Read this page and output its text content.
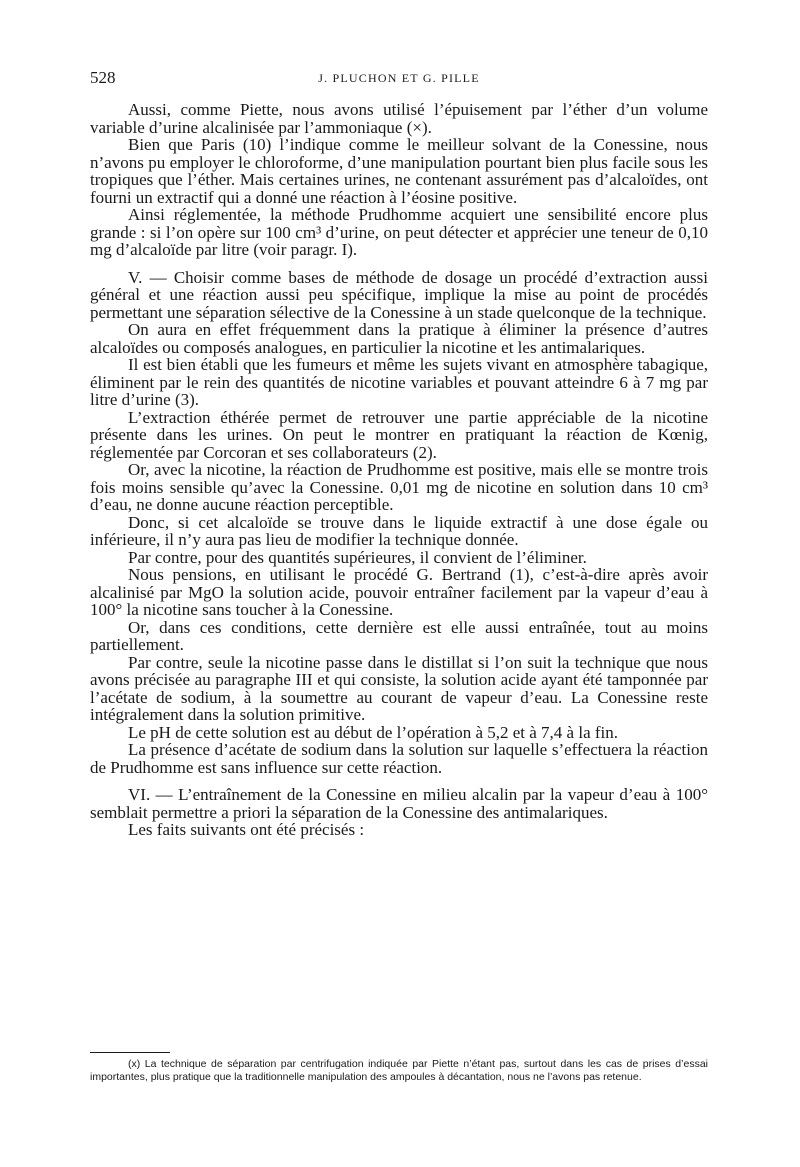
528	J. PLUCHON ET G. PILLE

Aussi, comme Piette, nous avons utilisé l’épuisement par l’éther d’un volume variable d’urine alcalinisée par l’ammoniaque (×).

Bien que Paris (10) l’indique comme le meilleur solvant de la Conessine, nous n’avons pu employer le chloroforme, d’une manipulation pourtant bien plus facile sous les tropiques que l’éther. Mais certaines urines, ne contenant assurément pas d’alcaloïdes, ont fourni un extractif qui a donné une réaction à l’éosine positive.

Ainsi réglementée, la méthode Prudhomme acquiert une sensibilité encore plus grande : si l’on opère sur 100 cm³ d’urine, on peut détecter et apprécier une teneur de 0,10 mg d’alcaloïde par litre (voir paragr. I).

V. — Choisir comme bases de méthode de dosage un procédé d’extraction aussi général et une réaction aussi peu spécifique, implique la mise au point de procédés permettant une séparation sélective de la Conessine à un stade quelconque de la technique.

On aura en effet fréquemment dans la pratique à éliminer la présence d’autres alcaloïdes ou composés analogues, en particulier la nicotine et les antimalariques.

Il est bien établi que les fumeurs et même les sujets vivant en atmosphère tabagique, éliminent par le rein des quantités de nicotine variables et pouvant atteindre 6 à 7 mg par litre d’urine (3).

L’extraction éthérée permet de retrouver une partie appréciable de la nicotine présente dans les urines. On peut le montrer en pratiquant la réaction de Kœnig, réglementée par Corcoran et ses collaborateurs (2).

Or, avec la nicotine, la réaction de Prudhomme est positive, mais elle se montre trois fois moins sensible qu’avec la Conessine. 0,01 mg de nicotine en solution dans 10 cm³ d’eau, ne donne aucune réaction perceptible.

Donc, si cet alcaloïde se trouve dans le liquide extractif à une dose égale ou inférieure, il n’y aura pas lieu de modifier la technique donnée.

Par contre, pour des quantités supérieures, il convient de l’éliminer.

Nous pensions, en utilisant le procédé G. Bertrand (1), c’est-à-dire après avoir alcalinisé par MgO la solution acide, pouvoir entraîner facilement par la vapeur d’eau à 100° la nicotine sans toucher à la Conessine.

Or, dans ces conditions, cette dernière est elle aussi entraînée, tout au moins partiellement.

Par contre, seule la nicotine passe dans le distillat si l’on suit la technique que nous avons précisée au paragraphe III et qui consiste, la solution acide ayant été tamponnée par l’acétate de sodium, à la soumettre au courant de vapeur d’eau. La Conessine reste intégralement dans la solution primitive.

Le pH de cette solution est au début de l’opération à 5,2 et à 7,4 à la fin.

La présence d’acétate de sodium dans la solution sur laquelle s’effectuera la réaction de Prudhomme est sans influence sur cette réaction.

VI. — L’entraînement de la Conessine en milieu alcalin par la vapeur d’eau à 100° semblait permettre a priori la séparation de la Conessine des antimalariques.

Les faits suivants ont été précisés :

(x) La technique de séparation par centrifugation indiquée par Piette n’étant pas, surtout dans les cas de prises d’essai importantes, plus pratique que la traditionnelle manipulation des ampoules à décantation, nous ne l’avons pas retenue.
